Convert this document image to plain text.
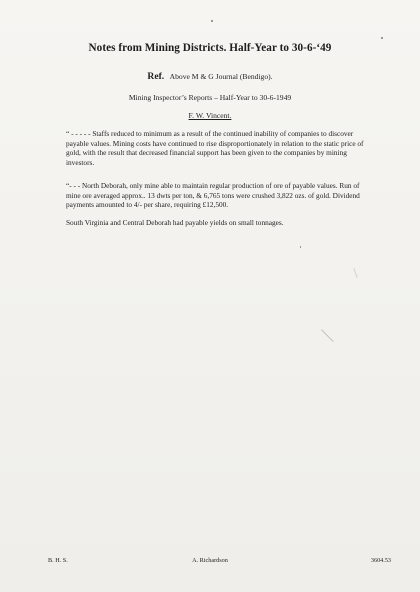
Notes from Mining Districts. Half-Year to 30-6-‘49
Ref. Above M & G Journal (Bendigo).
Mining Inspector’s Reports – Half-Year to 30-6-1949
F. W. Vincent.
“ - - - - - Staffs reduced to minimum as a result of the continued inability of companies to discover payable values. Mining costs have continued to rise disproportionately in relation to the static price of gold, with the result that decreased financial support has been given to the companies by mining investors.
“- - - North Deborah, only mine able to maintain regular production of ore of payable values. Run of mine ore averaged approx.. 13 dwts per ton, & 6,765 tons were crushed 3,822 ozs. of gold. Dividend payments amounted to 4/- per share, requiring £12,500.
South Virginia and Central Deborah had payable yields on small tonnages.
B. H. S.	A. Richardson	3604.53
